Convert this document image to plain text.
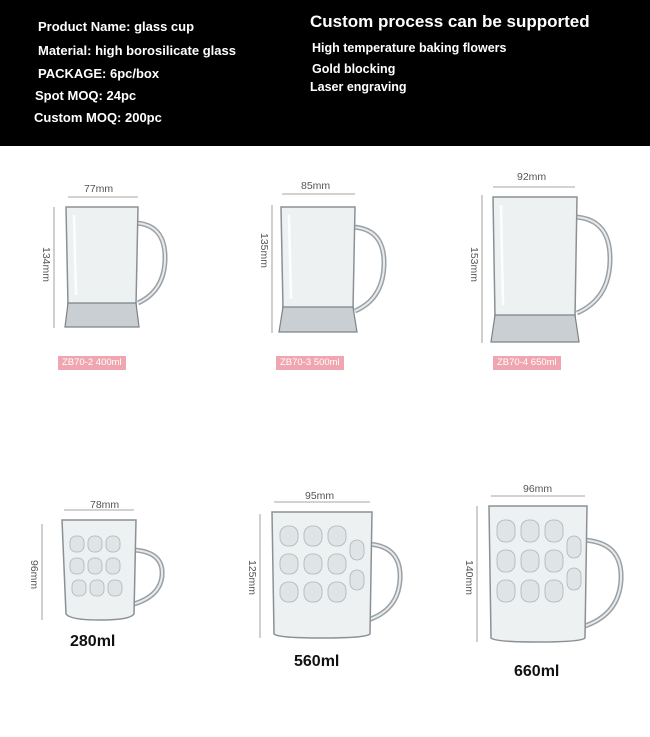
Product Name: glass cup
Material: high borosilicate glass
PACKAGE: 6pc/box
Spot MOQ: 24pc
Custom MOQ: 200pc
Custom process can be supported
High temperature baking flowers
Gold blocking
Laser engraving
77mm
134mm
ZB70-2 400ml
85mm
135mm
ZB70-3 500ml
92mm
153mm
ZB70-4 650ml
78mm
96mm
280ml
95mm
125mm
560ml
96mm
140mm
660ml
